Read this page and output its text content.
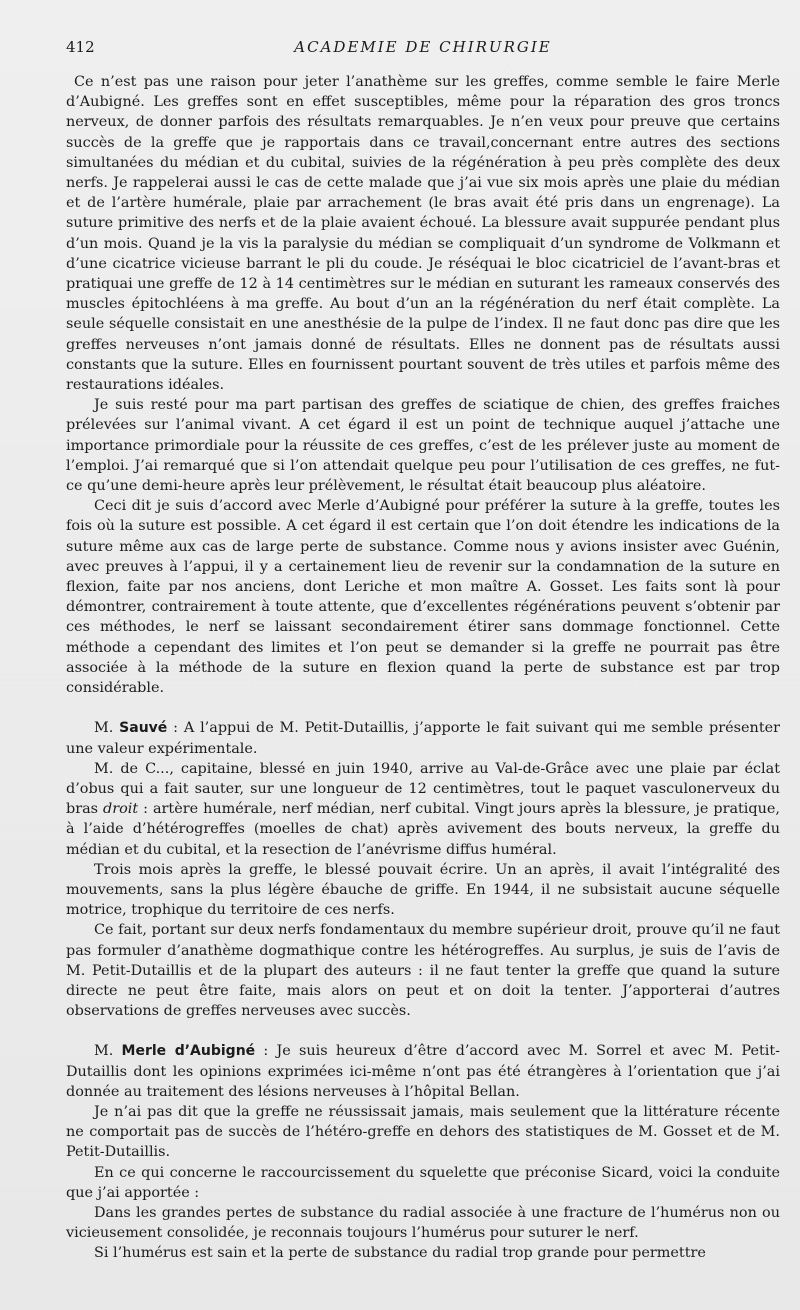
412	ACADEMIE DE CHIRURGIE

Ce n’est pas une raison pour jeter l’anathème sur les greffes, comme semble le faire Merle d’Aubigné. Les greffes sont en effet susceptibles, même pour la réparation des gros troncs nerveux, de donner parfois des résultats remarquables. Je n’en veux pour preuve que certains succès de la greffe que je rapportais dans ce travail,concernant entre autres des sections simultanées du médian et du cubital, suivies de la régénération à peu près complète des deux nerfs. Je rappelerai aussi le cas de cette malade que j’ai vue six mois après une plaie du médian et de l’artère humérale, plaie par arrachement (le bras avait été pris dans un engrenage). La suture primitive des nerfs et de la plaie avaient échoué. La blessure avait suppurée pendant plus d’un mois. Quand je la vis la paralysie du médian se compliquait d’un syndrome de Volkmann et d’une cicatrice vicieuse barrant le pli du coude. Je réséquai le bloc cicatriciel de l’avant-bras et pratiquai une greffe de 12 à 14 centimètres sur le médian en suturant les rameaux conservés des muscles épitochléens à ma greffe. Au bout d’un an la régénération du nerf était complète. La seule séquelle consistait en une anesthésie de la pulpe de l’index. Il ne faut donc pas dire que les greffes nerveuses n’ont jamais donné de résultats. Elles ne donnent pas de résultats aussi constants que la suture. Elles en fournissent pourtant souvent de très utiles et parfois même des restaurations idéales.

Je suis resté pour ma part partisan des greffes de sciatique de chien, des greffes fraiches prélevées sur l’animal vivant. A cet égard il est un point de technique auquel j’attache une importance primordiale pour la réussite de ces greffes, c’est de les prélever juste au moment de l’emploi. J’ai remarqué que si l’on attendait quelque peu pour l’utilisation de ces greffes, ne fut-ce qu’une demi-heure après leur prélèvement, le résultat était beaucoup plus aléatoire.

Ceci dit je suis d’accord avec Merle d’Aubigné pour préférer la suture à la greffe, toutes les fois où la suture est possible. A cet égard il est certain que l’on doit étendre les indications de la suture même aux cas de large perte de substance. Comme nous y avions insister avec Guénin, avec preuves à l’appui, il y a certainement lieu de revenir sur la condamnation de la suture en flexion, faite par nos anciens, dont Leriche et mon maître A. Gosset. Les faits sont là pour démontrer, contrairement à toute attente, que d’excellentes régénérations peuvent s’obtenir par ces méthodes, le nerf se laissant secondairement étirer sans dommage fonctionnel. Cette méthode a cependant des limites et l’on peut se demander si la greffe ne pourrait pas être associée à la méthode de la suture en flexion quand la perte de substance est par trop considérable.

M. Sauvé : A l’appui de M. Petit-Dutaillis, j’apporte le fait suivant qui me semble présenter une valeur expérimentale.

M. de C..., capitaine, blessé en juin 1940, arrive au Val-de-Grâce avec une plaie par éclat d’obus qui a fait sauter, sur une longueur de 12 centimètres, tout le paquet vasculonerveux du bras droit : artère humérale, nerf médian, nerf cubital. Vingt jours après la blessure, je pratique, à l’aide d’hétérogreffes (moelles de chat) après avivement des bouts nerveux, la greffe du médian et du cubital, et la resection de l’anévrisme diffus huméral.

Trois mois après la greffe, le blessé pouvait écrire. Un an après, il avait l’intégralité des mouvements, sans la plus légère ébauche de griffe. En 1944, il ne subsistait aucune séquelle motrice, trophique du territoire de ces nerfs.

Ce fait, portant sur deux nerfs fondamentaux du membre supérieur droit, prouve qu’il ne faut pas formuler d’anathème dogmathique contre les hétérogreffes. Au surplus, je suis de l’avis de M. Petit-Dutaillis et de la plupart des auteurs : il ne faut tenter la greffe que quand la suture directe ne peut être faite, mais alors on peut et on doit la tenter. J’apporterai d’autres observations de greffes nerveuses avec succès.

M. Merle d’Aubigné : Je suis heureux d’être d’accord avec M. Sorrel et avec M. Petit-Dutaillis dont les opinions exprimées ici-même n’ont pas été étrangères à l’orientation que j’ai donnée au traitement des lésions nerveuses à l’hôpital Bellan.

Je n’ai pas dit que la greffe ne réussissait jamais, mais seulement que la littérature récente ne comportait pas de succès de l’hétéro-greffe en dehors des statistiques de M. Gosset et de M. Petit-Dutaillis.

En ce qui concerne le raccourcissement du squelette que préconise Sicard, voici la conduite que j’ai apportée :

Dans les grandes pertes de substance du radial associée à une fracture de l’humérus non ou vicieusement consolidée, je reconnais toujours l’humérus pour suturer le nerf.

Si l’humérus est sain et la perte de substance du radial trop grande pour permettre
